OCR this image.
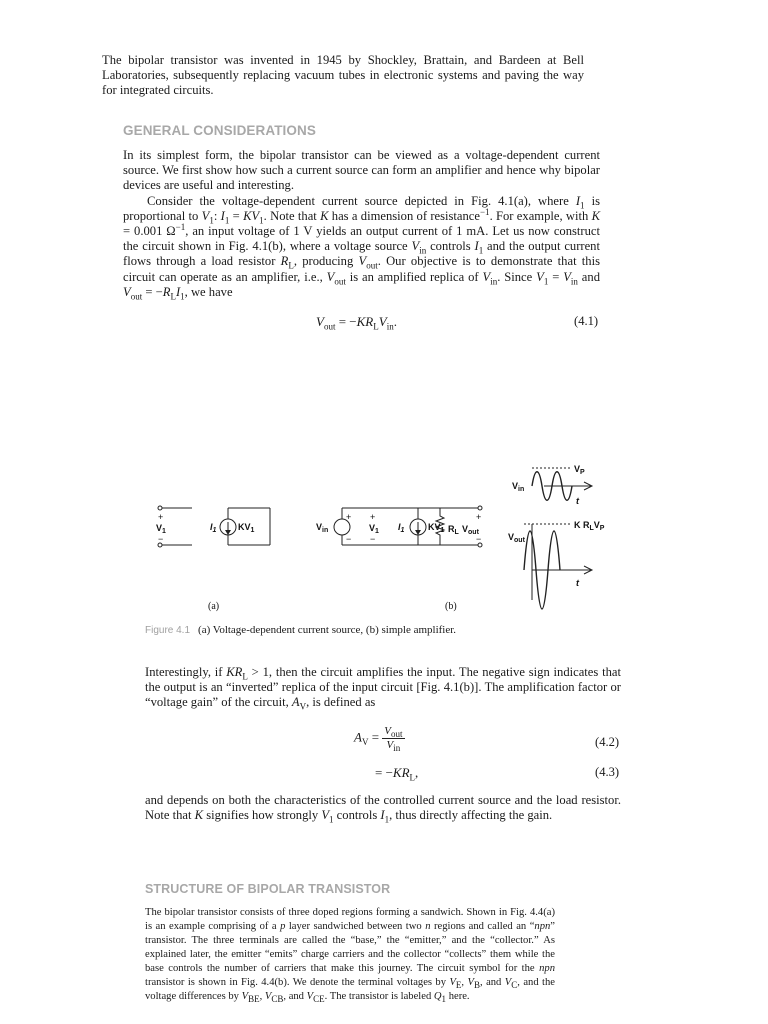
The bipolar transistor was invented in 1945 by Shockley, Brattain, and Bardeen at Bell Laboratories, subsequently replacing vacuum tubes in electronic systems and paving the way for integrated circuits.
GENERAL CONSIDERATIONS
In its simplest form, the bipolar transistor can be viewed as a voltage-dependent current source. We first show how such a current source can form an amplifier and hence why bipolar devices are useful and interesting.
Consider the voltage-dependent current source depicted in Fig. 4.1(a), where $I_1$ is proportional to $V_1$: $I_1 = KV_1$. Note that K has a dimension of resistance$^{-1}$. For example, with K = 0.001 $\Omega^{-1}$, an input voltage of 1 V yields an output current of 1 mA. Let us now construct the circuit shown in Fig. 4.1(b), where a voltage source $V_{in}$ controls $I_1$ and the output current flows through a load resistor $R_L$, producing $V_{out}$. Our objective is to demonstrate that this circuit can operate as an amplifier, i.e., $V_{out}$ is an amplified replica of $V_{in}$. Since $V_1 = V_{in}$ and $V_{out} = -R_LI_1$, we have
$V_{out} = -KR_LV_{in}$.	(4.1)
+
−
$V_1$	$I_1$ $KV_1$	$V_{in}$
+
−
+
−
$V_1$ $I_1$	$KV_1$ $R_L$ $V_{out}$
+
−
$V_{in}$
$V_P$
t
$V_{out}$
K $R_LV_P$
t
(a)	(b)
Figure 4.1 (a) Voltage-dependent current source, (b) simple amplifier.
Interestingly, if $KR_L > 1$, then the circuit amplifies the input. The negative sign indicates that the output is an “inverted” replica of the input circuit [Fig. 4.1(b)]. The amplification factor or “voltage gain” of the circuit, $A_V$, is defined as
$A_V = \frac{V_{out}}{V_{in}}$	(4.2)
= $-KR_L$,	(4.3)
and depends on both the characteristics of the controlled current source and the load resistor. Note that K signifies how strongly $V_1$ controls $I_1$, thus directly affecting the gain.
STRUCTURE OF BIPOLAR TRANSISTOR
The bipolar transistor consists of three doped regions forming a sandwich. Shown in Fig. 4.4(a) is an example comprising of a p layer sandwiched between two n regions and called an “npn” transistor. The three terminals are called the “base,” the “emitter,” and the “collector.” As explained later, the emitter “emits” charge carriers and the collector “collects” them while the base controls the number of carriers that make this journey. The circuit symbol for the npn transistor is shown in Fig. 4.4(b). We denote the terminal voltages by $V_E$, $V_B$, and $V_C$, and the voltage differences by $V_{BE}$, $V_{CB}$, and $V_{CE}$. The transistor is labeled $Q_1$ here.
